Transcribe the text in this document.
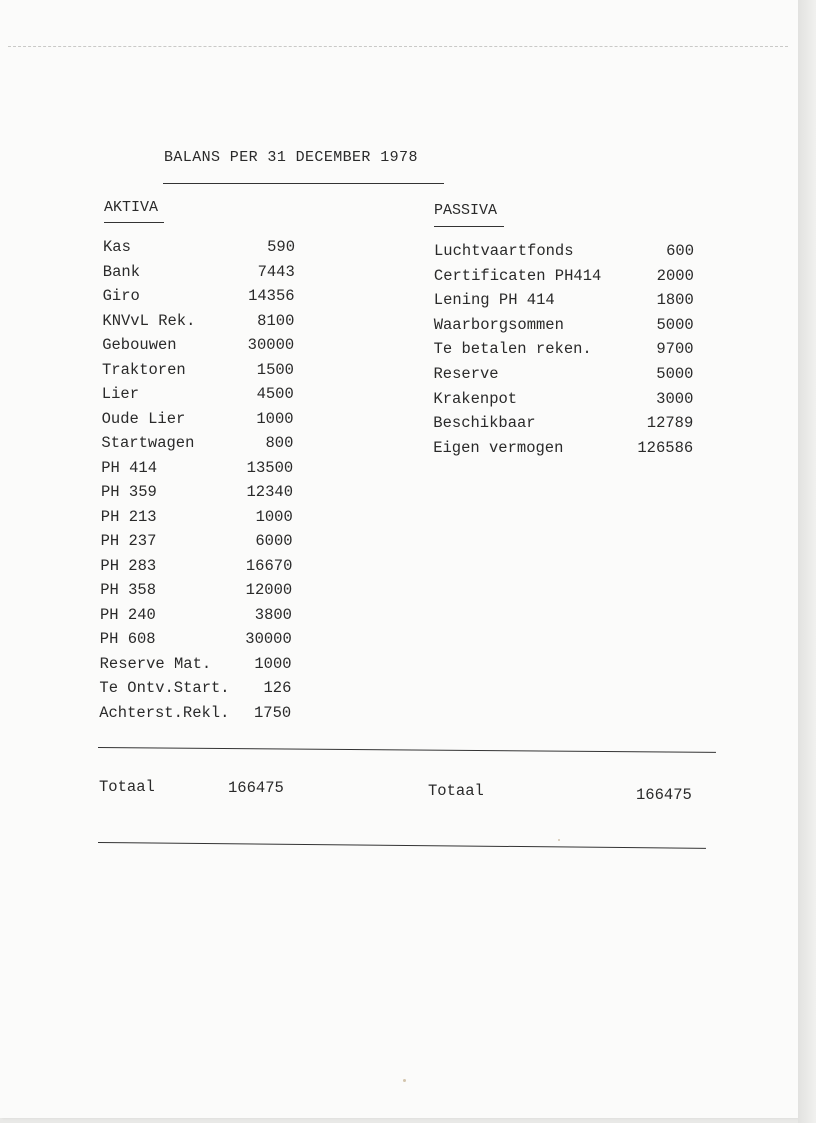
BALANS PER 31 DECEMBER 1978
AKTIVA	PASSIVA
Kas	590
Bank	7443
Giro	14356
KNVvL Rek.	8100
Gebouwen	30000
Traktoren	1500
Lier	4500
Oude Lier	1000
Startwagen	800
PH 414	13500
PH 359	12340
PH 213	1000
PH 237	6000
PH 283	16670
PH 358	12000
PH 240	3800
PH 608	30000
Reserve Mat.	1000
Te Ontv.Start. 126
Achterst.Rekl. 1750
Luchtvaartfonds	600
Certificaten PH414	2000
Lening PH 414	1800
Waarborgsommen	5000
Te betalen reken.	9700
Reserve	5000
Krakenpot	3000
Beschikbaar	12789
Eigen vermogen	126586
Totaal	166475	Totaal	166475
